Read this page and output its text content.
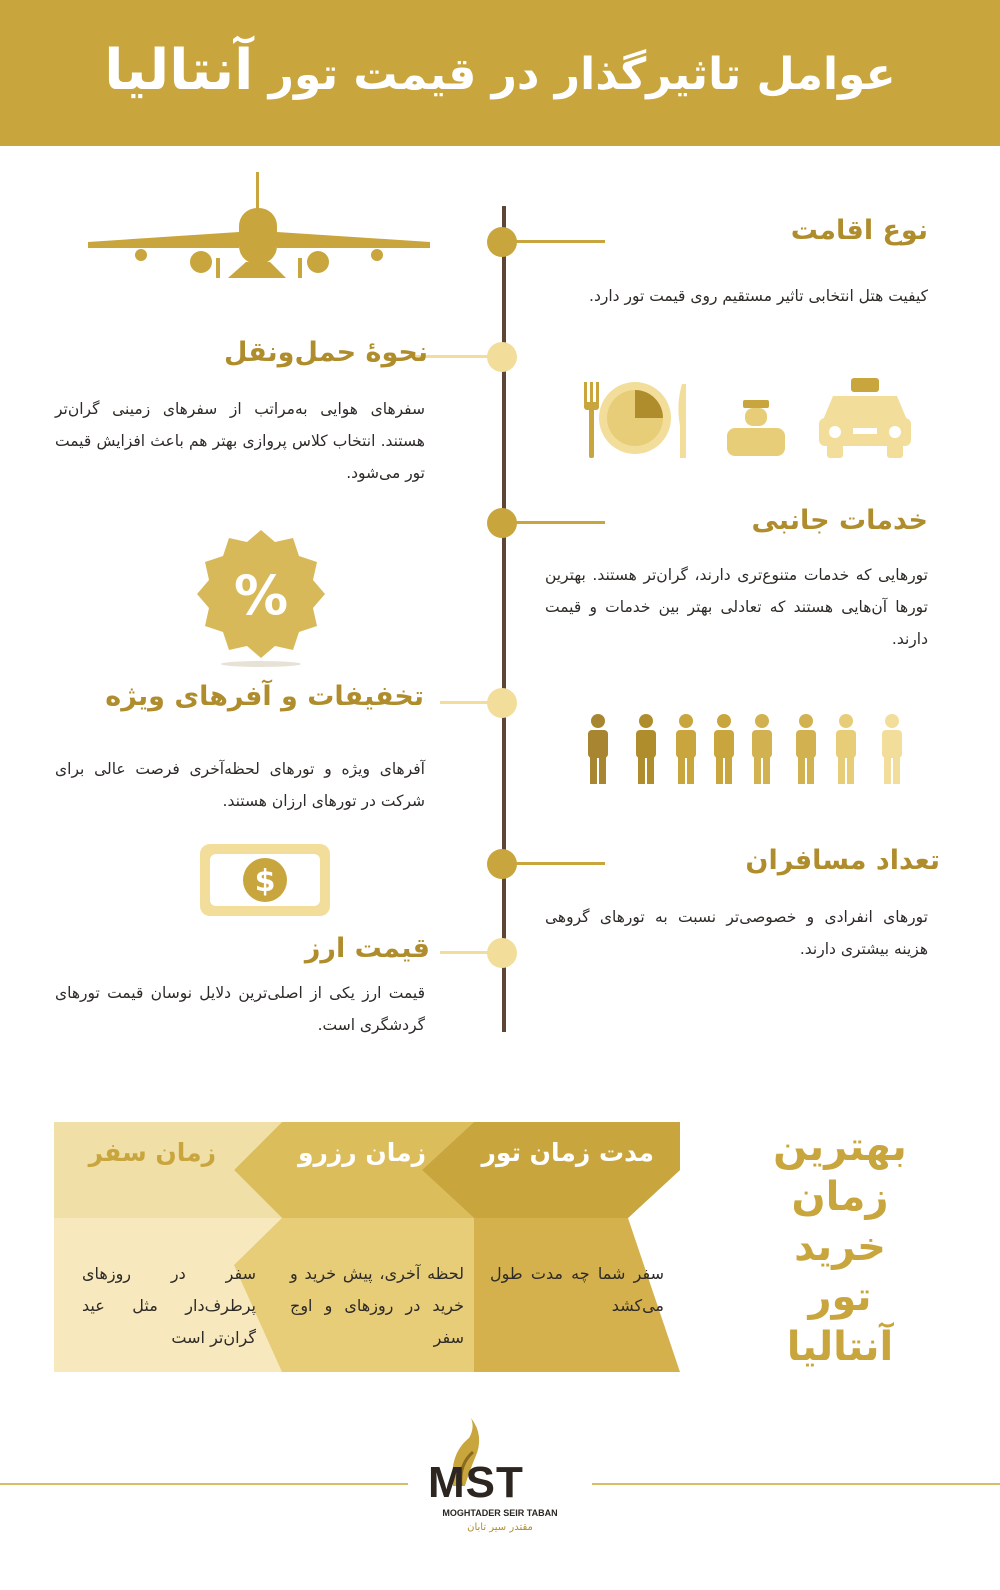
عوامل تاثیرگذار در قیمت تور آنتالیا
نوع اقامت
کیفیت هتل انتخابی تاثیر مستقیم روی قیمت تور دارد.
نحوهٔ حمل‌ونقل
سفرهای هوایی به‌مراتب از سفرهای زمینی گران‌تر هستند. انتخاب کلاس پروازی بهتر هم باعث افزایش قیمت تور می‌شود.
خدمات جانبی
تورهایی که خدمات متنوع‌تری دارند، گران‌تر هستند. بهترین تورها آن‌هایی هستند که تعادلی بهتر بین خدمات و قیمت دارند.
تخفیفات و آفرهای ویژه
آفرهای ویژه و تورهای لحظه‌آخری فرصت عالی برای شرکت در تورهای ارزان هستند.
تعداد مسافران
تورهای انفرادی و خصوصی‌تر نسبت به تورهای گروهی هزینه بیشتری دارند.
قیمت ارز
قیمت ارز یکی از اصلی‌ترین دلایل نوسان قیمت تورهای گردشگری است.
%
$
مدت زمان تور
زمان رزرو
زمان سفر
سفر شما چه مدت طول می‌کشد
لحظه آخری، پیش خرید و خرید در روزهای و اوج سفر
سفر در روزهای پرطرف‌دار مثل عید گران‌تر است
بهترین
زمان
خرید
تور
آنتالیا
MST
MOGHTADER SEIR TABAN
مقتدر سیر تابان
